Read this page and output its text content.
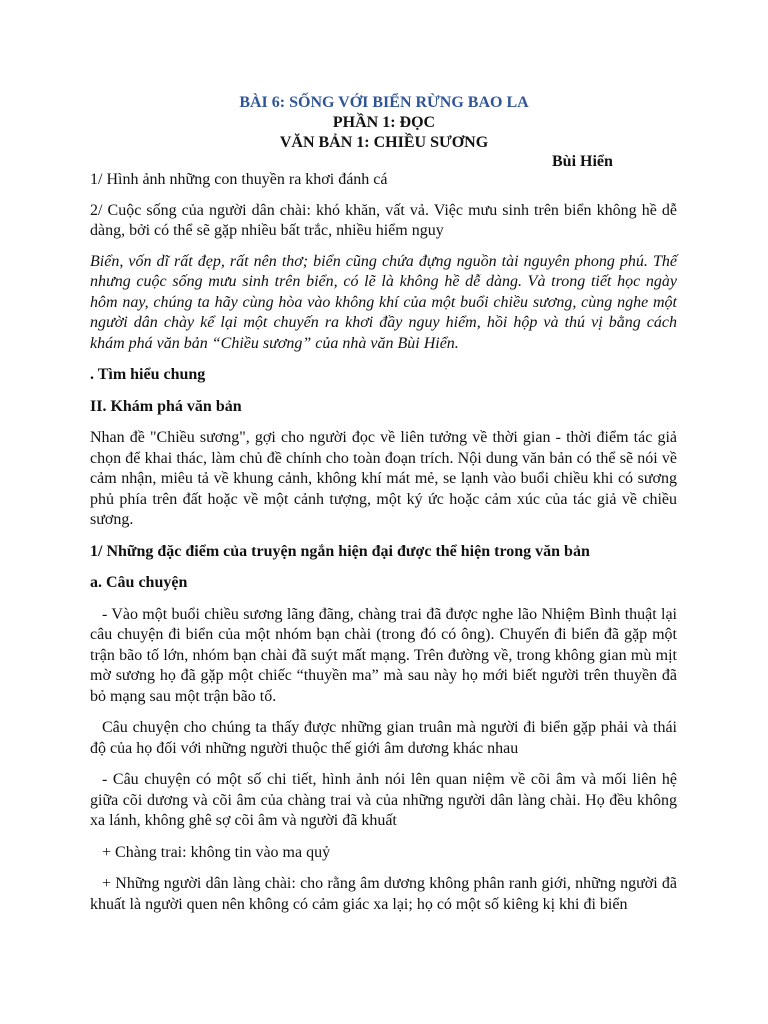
BÀI 6: SỐNG VỚI BIỂN RỪNG BAO LA
PHẦN 1: ĐỌC
VĂN BẢN 1: CHIỀU SƯƠNG
Bùi Hiển

1/ Hình ảnh những con thuyền ra khơi đánh cá

2/ Cuộc sống của người dân chài: khó khăn, vất vả. Việc mưu sinh trên biển không hề dễ dàng, bởi có thể sẽ gặp nhiều bất trắc, nhiều hiểm nguy

Biển, vốn dĩ rất đẹp, rất nên thơ; biển cũng chứa đựng nguồn tài nguyên phong phú. Thế nhưng cuộc sống mưu sinh trên biển, có lẽ là không hề dễ dàng. Và trong tiết học ngày hôm nay, chúng ta hãy cùng hòa vào không khí của một buổi chiều sương, cùng nghe một người dân chày kể lại một chuyến ra khơi đầy nguy hiểm, hồi hộp và thú vị bằng cách khám phá văn bản “Chiều sương” của nhà văn Bùi Hiển.

. Tìm hiểu chung

II. Khám phá văn bản

Nhan đề "Chiều sương", gợi cho người đọc về liên tưởng về thời gian - thời điểm tác giả chọn để khai thác, làm chủ đề chính cho toàn đoạn trích. Nội dung văn bản có thể sẽ nói về cảm nhận, miêu tả về khung cảnh, không khí mát mẻ, se lạnh vào buổi chiều khi có sương phủ phía trên đất hoặc về một cảnh tượng, một ký ức hoặc cảm xúc của tác giả về chiều sương.

1/ Những đặc điểm của truyện ngắn hiện đại được thể hiện trong văn bản

a. Câu chuyện

- Vào một buổi chiều sương lãng đãng, chàng trai đã được nghe lão Nhiệm Bình thuật lại câu chuyện đi biển của một nhóm bạn chài (trong đó có ông). Chuyến đi biển đã gặp một trận bão tố lớn, nhóm bạn chài đã suýt mất mạng. Trên đường về, trong không gian mù mịt mờ sương họ đã gặp một chiếc “thuyền ma” mà sau này họ mới biết người trên thuyền đã bỏ mạng sau một trận bão tố.

Câu chuyện cho chúng ta thấy được những gian truân mà người đi biển gặp phải và thái độ của họ đối với những người thuộc thế giới âm dương khác nhau

- Câu chuyện có một số chi tiết, hình ảnh nói lên quan niệm về cõi âm và mối liên hệ giữa cõi dương và cõi âm của chàng trai và của những người dân làng chài. Họ đều không xa lánh, không ghê sợ cõi âm và người đã khuất

+ Chàng trai: không tin vào ma quỷ

+ Những người dân làng chài: cho rằng âm dương không phân ranh giới, những người đã khuất là người quen nên không có cảm giác xa lại; họ có một số kiêng kị khi đi biển
